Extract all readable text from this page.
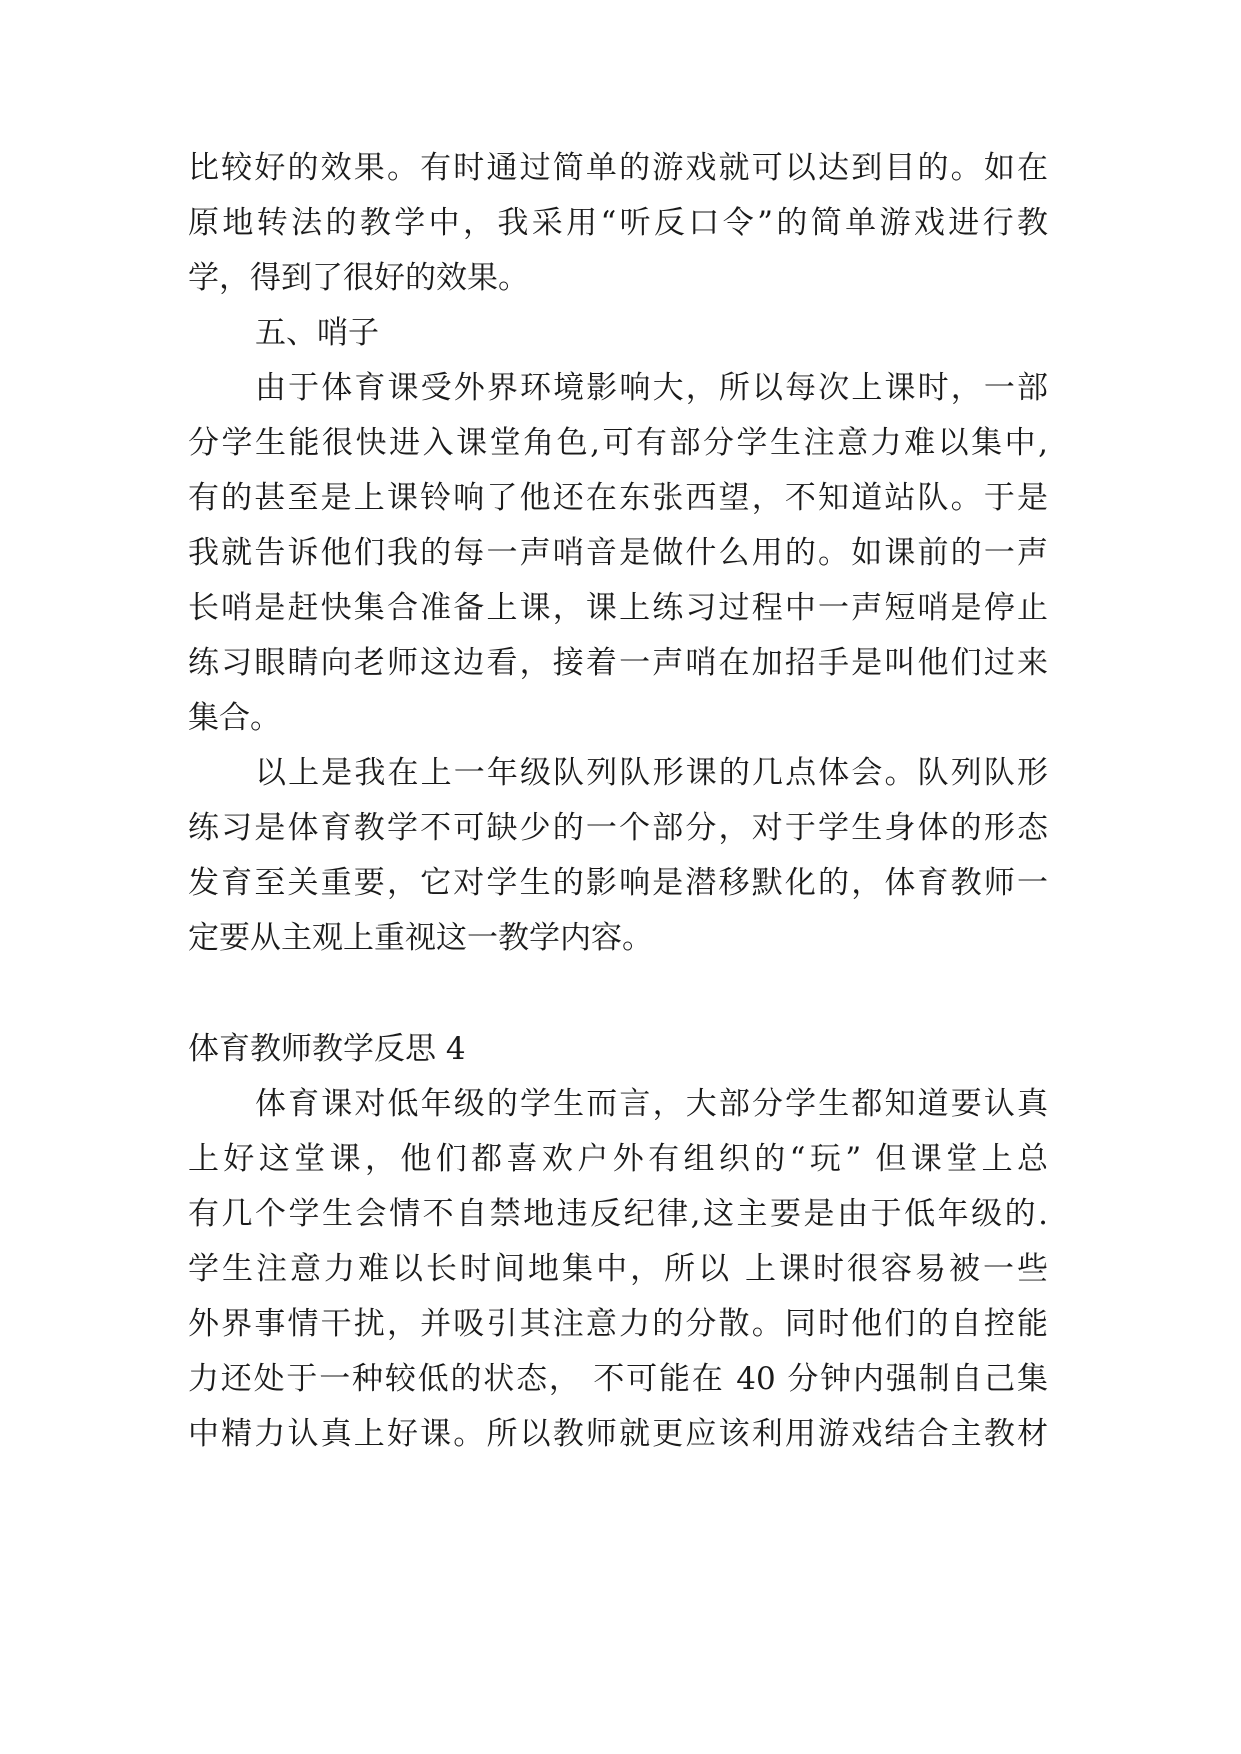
比较好的效果。有时通过简单的游戏就可以达到目的。如在
原地转法的教学中，我采用“听反口令”的简单游戏进行教
学，得到了很好的效果。
五、哨子
由于体育课受外界环境影响大，所以每次上课时，一部
分学生能很快进入课堂角色,可有部分学生注意力难以集中,
有的甚至是上课铃响了他还在东张西望，不知道站队。于是
我就告诉他们我的每一声哨音是做什么用的。如课前的一声
长哨是赶快集合准备上课，课上练习过程中一声短哨是停止
练习眼睛向老师这边看，接着一声哨在加招手是叫他们过来
集合。
以上是我在上一年级队列队形课的几点体会。队列队形
练习是体育教学不可缺少的一个部分，对于学生身体的形态
发育至关重要，它对学生的影响是潜移默化的，体育教师一
定要从主观上重视这一教学内容。
体育教师教学反思 4
体育课对低年级的学生而言，大部分学生都知道要认真
上好这堂课，他们都喜欢户外有组织的“玩” 但课堂上总
有几个学生会情不自禁地违反纪律,这主要是由于低年级的.
学生注意力难以长时间地集中，所以 上课时很容易被一些
外界事情干扰，并吸引其注意力的分散。同时他们的自控能
力还处于一种较低的状态， 不可能在 40 分钟内强制自己集
中精力认真上好课。所以教师就更应该利用游戏结合主教材
